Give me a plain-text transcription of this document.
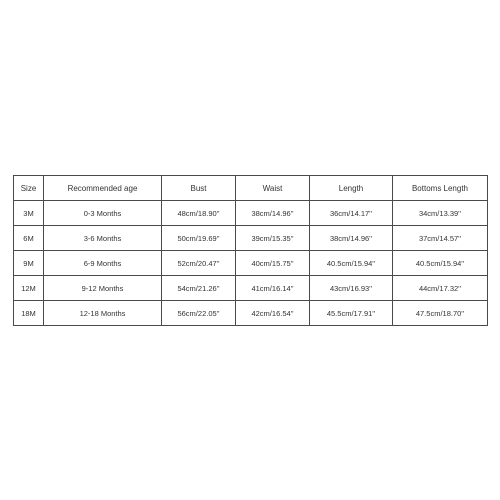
Size	Recommended age	Bust	Waist	Length	Bottoms Length
3M	0-3 Months	48cm/18.90''	38cm/14.96''	36cm/14.17''	34cm/13.39''
6M	3-6 Months	50cm/19.69''	39cm/15.35''	38cm/14.96''	37cm/14.57''
9M	6-9 Months	52cm/20.47''	40cm/15.75''	40.5cm/15.94''	40.5cm/15.94''
12M	9-12 Months	54cm/21.26''	41cm/16.14''	43cm/16.93''	44cm/17.32''
18M	12-18 Months	56cm/22.05''	42cm/16.54''	45.5cm/17.91''	47.5cm/18.70''
